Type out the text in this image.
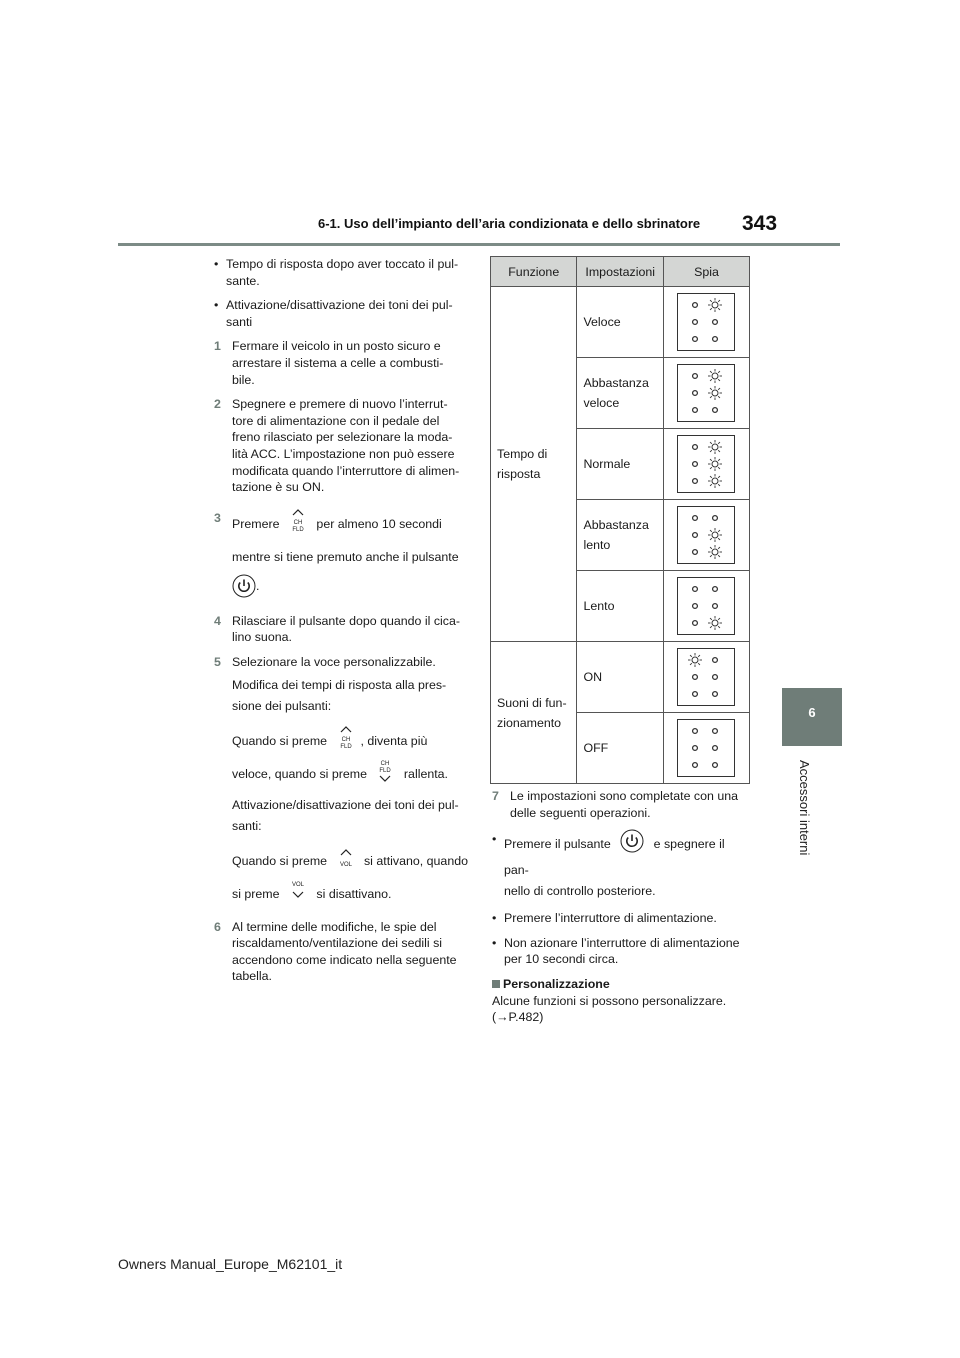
6-1. Uso dell’impianto dell’aria condizionata e dello sbrinatore 343
6
Accessori interni
• Tempo di risposta dopo aver toccato il pul-
sante.
• Attivazione/disattivazione dei toni dei pul-
santi
1 Fermare il veicolo in un posto sicuro e
arrestare il sistema a celle a combusti-
bile.
2 Spegnere e premere di nuovo l’interrut-
tore di alimentazione con il pedale del
freno rilasciato per selezionare la moda-
lità ACC. L’impostazione non può essere
modificata quando l’interruttore di alimen-
tazione è su ON.
3 Premere CH
FLD per almeno 10 secondi
mentre si tiene premuto anche il pulsante
.
4 Rilasciare il pulsante dopo quando il cica-
lino suona.
5 Selezionare la voce personalizzabile.
Modifica dei tempi di risposta alla pres-
sione dei pulsanti:
Quando si preme CH
FLD , diventa più
veloce, quando si preme
CH
FLD rallenta.
Attivazione/disattivazione dei toni dei pul-
santi:
Quando si preme VOL si attivano, quando
si preme
VOL
si disattivano.
6 Al termine delle modifiche, le spie del
riscaldamento/ventilazione dei sedili si
accendono come indicato nella seguente
tabella.
Funzione	Impostazioni	Spia
Tempo di
risposta	Veloce	

	Abbastanza
veloce	

	Normale	

	Abbastanza
lento	

	Lento	

Suoni di fun-
zionamento	ON	

	OFF	
7 Le impostazioni sono completate con una
delle seguenti operazioni.
• Premere il pulsante	e spegnere il pan-
nello di controllo posteriore.
• Premere l’interruttore di alimentazione.
• Non azionare l’interruttore di alimentazione
per 10 secondi circa.
Personalizzazione
Alcune funzioni si possono personalizzare.
(→P.482)
Owners Manual_Europe_M62101_it
